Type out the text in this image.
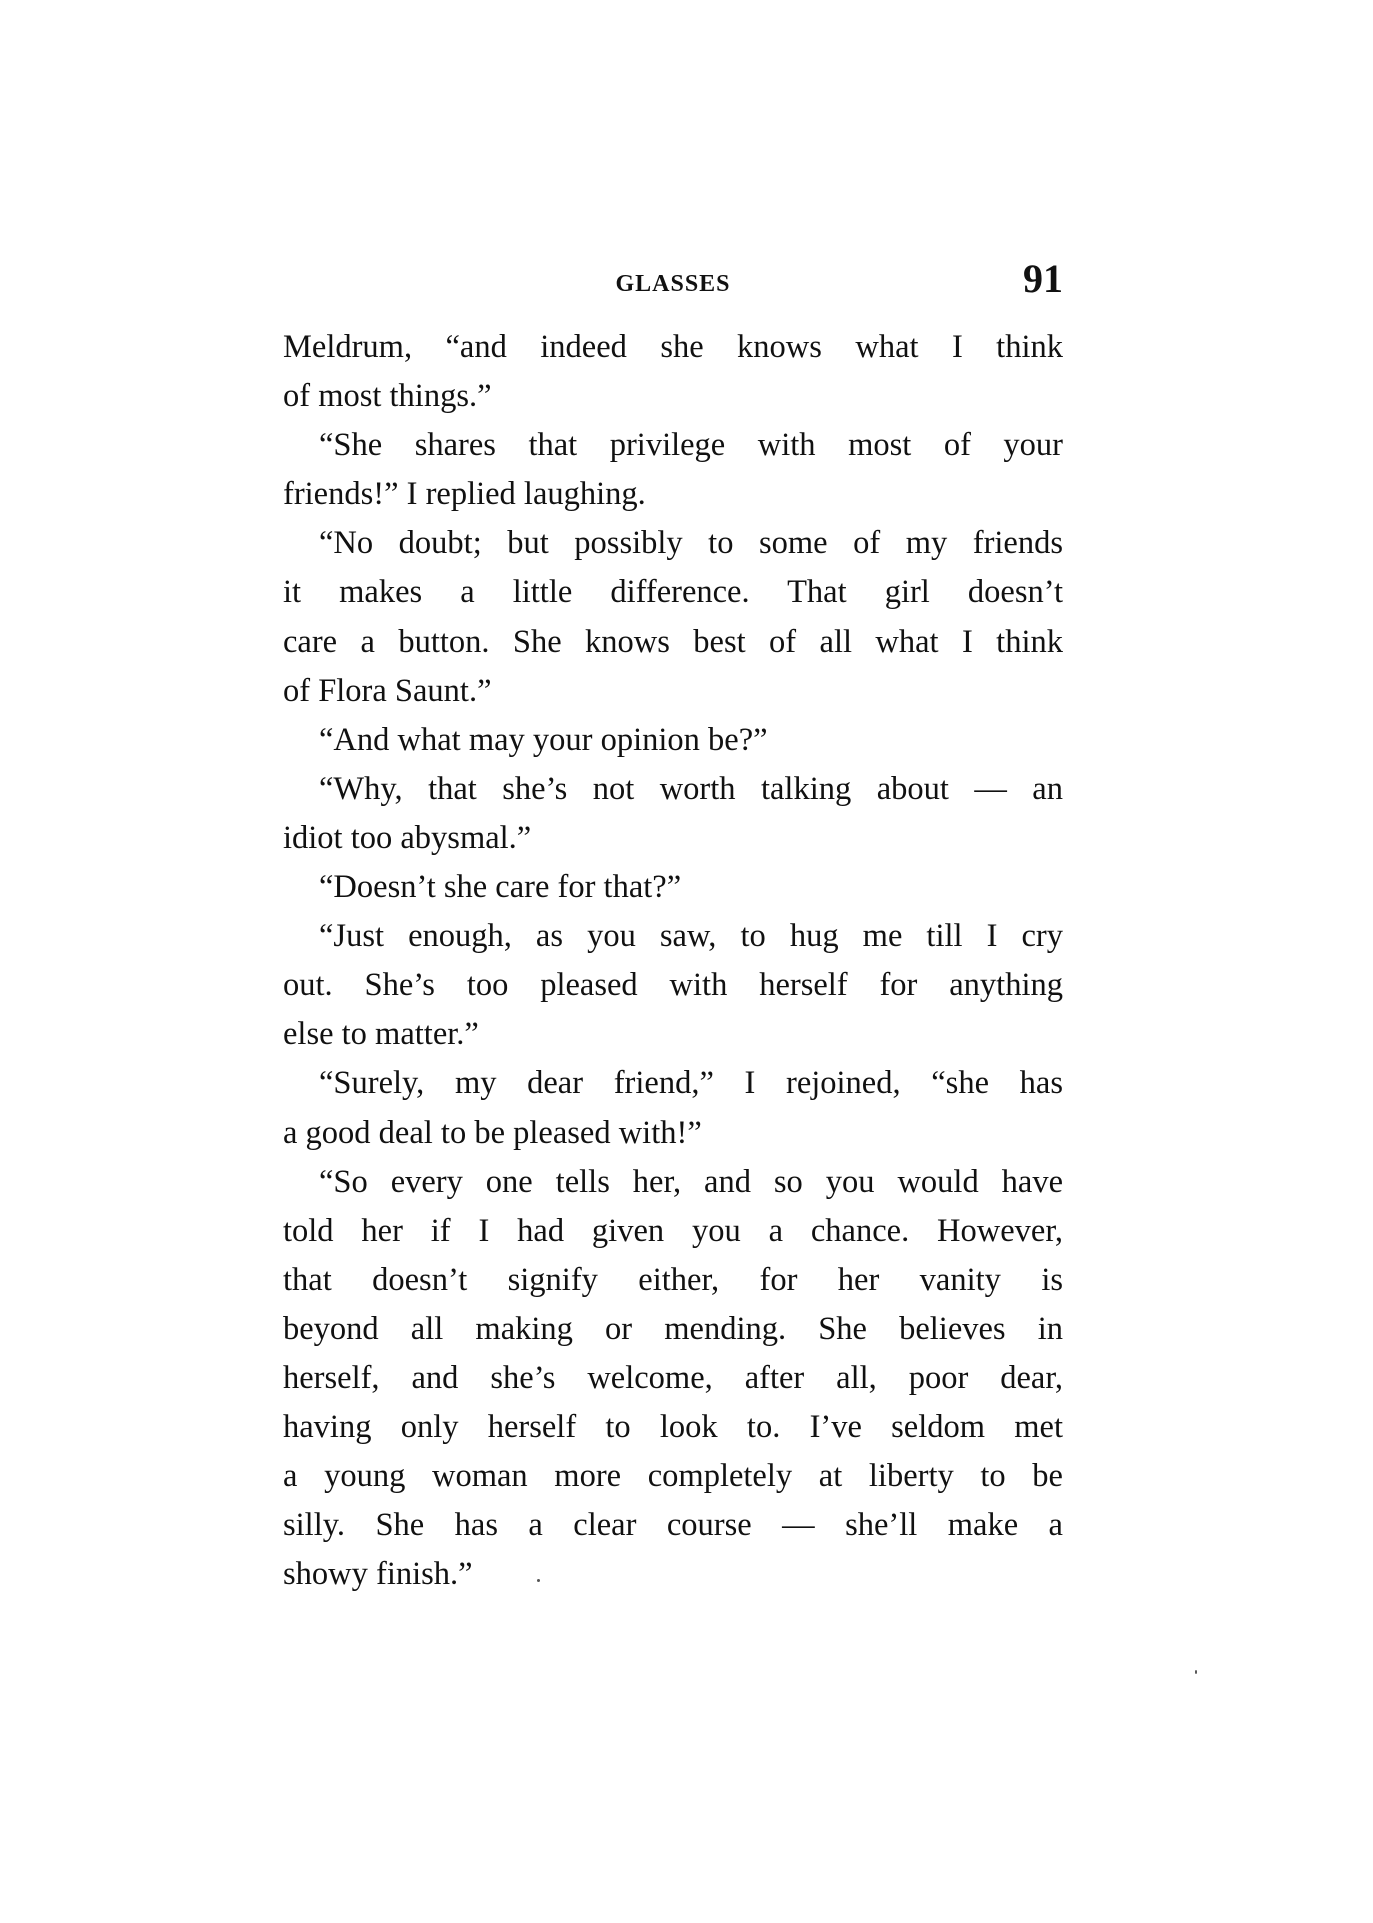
GLASSES	91
Meldrum, “and indeed she knows what I think
of most things.”
“She shares that privilege with most of your
friends!” I replied laughing.
“No doubt; but possibly to some of my friends
it makes a little difference. That girl doesn’t
care a button. She knows best of all what I think
of Flora Saunt.”
“And what may your opinion be?”
“Why, that she’s not worth talking about — an
idiot too abysmal.”
“Doesn’t she care for that?”
“Just enough, as you saw, to hug me till I cry
out. She’s too pleased with herself for anything
else to matter.”
“Surely, my dear friend,” I rejoined, “she has
a good deal to be pleased with!”
“So every one tells her, and so you would have
told her if I had given you a chance. However,
that doesn’t signify either, for her vanity is
beyond all making or mending. She believes in
herself, and she’s welcome, after all, poor dear,
having only herself to look to. I’ve seldom met
a young woman more completely at liberty to be
silly. She has a clear course — she’ll make a
showy finish.”
